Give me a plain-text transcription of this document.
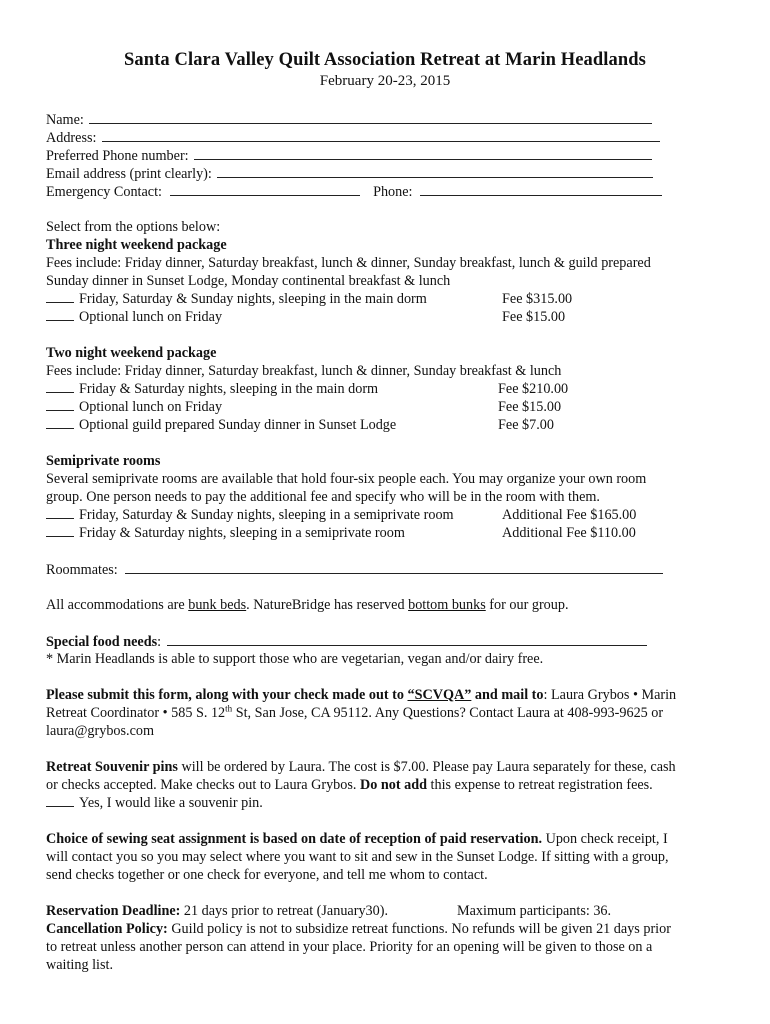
Santa Clara Valley Quilt Association Retreat at Marin Headlands
February 20-23, 2015
Name:
Address:
Preferred Phone number:
Email address (print clearly):
Emergency Contact:	Phone:
Select from the options below:
Three night weekend package
Fees include: Friday dinner, Saturday breakfast, lunch & dinner, Sunday breakfast, lunch & guild prepared
Sunday dinner in Sunset Lodge, Monday continental breakfast & lunch
Friday, Saturday & Sunday nights, sleeping in the main dorm	Fee $315.00
Optional lunch on Friday	Fee $15.00
Two night weekend package
Fees include: Friday dinner, Saturday breakfast, lunch & dinner, Sunday breakfast & lunch
Friday & Saturday nights, sleeping in the main dorm	Fee $210.00
Optional lunch on Friday	Fee $15.00
Optional guild prepared Sunday dinner in Sunset Lodge	Fee $7.00
Semiprivate rooms
Several semiprivate rooms are available that hold four-six people each. You may organize your own room
group. One person needs to pay the additional fee and specify who will be in the room with them.
Friday, Saturday & Sunday nights, sleeping in a semiprivate room	Additional Fee $165.00
Friday & Saturday nights, sleeping in a semiprivate room	Additional Fee $110.00
Roommates:
All accommodations are bunk beds. NatureBridge has reserved bottom bunks for our group.
Special food needs:
* Marin Headlands is able to support those who are vegetarian, vegan and/or dairy free.
Please submit this form, along with your check made out to “SCVQA” and mail to: Laura Grybos • Marin
Retreat Coordinator • 585 S. 12th St, San Jose, CA 95112. Any Questions? Contact Laura at 408-993-9625 or
laura@grybos.com
Retreat Souvenir pins will be ordered by Laura. The cost is $7.00. Please pay Laura separately for these, cash
or checks accepted. Make checks out to Laura Grybos. Do not add this expense to retreat registration fees.
Yes, I would like a souvenir pin.
Choice of sewing seat assignment is based on date of reception of paid reservation. Upon check receipt, I
will contact you so you may select where you want to sit and sew in the Sunset Lodge. If sitting with a group,
send checks together or one check for everyone, and tell me whom to contact.
Reservation Deadline: 21 days prior to retreat (January30).	Maximum participants: 36.
Cancellation Policy: Guild policy is not to subsidize retreat functions. No refunds will be given 21 days prior
to retreat unless another person can attend in your place. Priority for an opening will be given to those on a
waiting list.
